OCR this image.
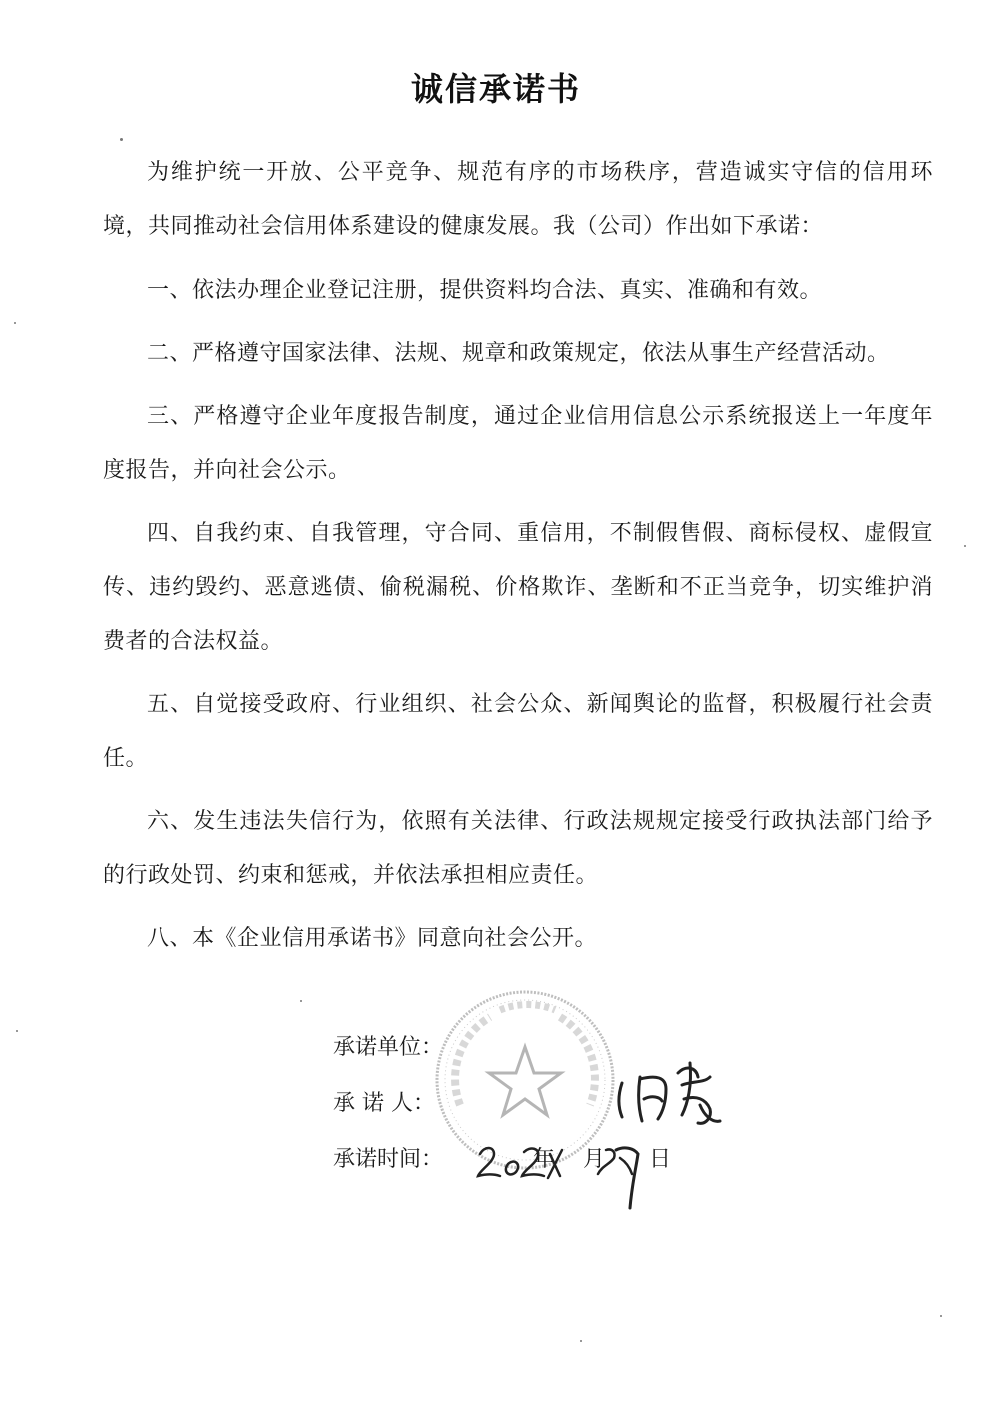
诚信承诺书

为维护统一开放、公平竞争、规范有序的市场秩序，营造诚实守信的信用环境，共同推动社会信用体系建设的健康发展。我（公司）作出如下承诺：

一、依法办理企业登记注册，提供资料均合法、真实、准确和有效。

二、严格遵守国家法律、法规、规章和政策规定，依法从事生产经营活动。

三、严格遵守企业年度报告制度，通过企业信用信息公示系统报送上一年度年度报告，并向社会公示。

四、自我约束、自我管理，守合同、重信用，不制假售假、商标侵权、虚假宣传、违约毁约、恶意逃债、偷税漏税、价格欺诈、垄断和不正当竞争，切实维护消费者的合法权益。

五、自觉接受政府、行业组织、社会公众、新闻舆论的监督，积极履行社会责任。

六、发生违法失信行为，依照有关法律、行政法规规定接受行政执法部门给予的行政处罚、约束和惩戒，并依法承担相应责任。

八、本《企业信用承诺书》同意向社会公开。

承诺单位：
承 诺 人：
承诺时间：	年 月 日
